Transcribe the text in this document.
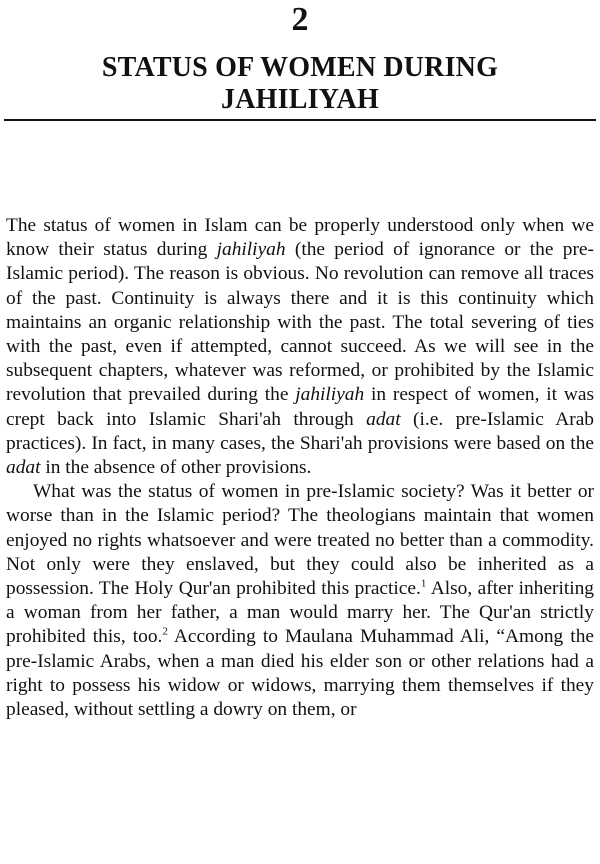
2
STATUS OF WOMEN DURING
JAHILIYAH

The status of women in Islam can be properly understood only when we know their status during jahiliyah (the period of ignorance or the pre-Islamic period). The reason is obvious. No revolution can remove all traces of the past. Continuity is always there and it is this continuity which maintains an organic relationship with the past. The total severing of ties with the past, even if attempted, cannot succeed. As we will see in the subsequent chapters, whatever was reformed, or prohibited by the Islamic revolution that prevailed during the jahiliyah in respect of women, it was crept back into Islamic Shari'ah through adat (i.e. pre-Islamic Arab practices). In fact, in many cases, the Shari'ah provisions were based on the adat in the absence of other provisions.

What was the status of women in pre-Islamic society? Was it better or worse than in the Islamic period? The theologians maintain that women enjoyed no rights whatsoever and were treated no better than a commodity. Not only were they enslaved, but they could also be inherited as a possession. The Holy Qur'an prohibited this practice.$^1$ Also, after inheriting a woman from her father, a man would marry her. The Qur'an strictly prohibited this, too.$^2$ According to Maulana Muhammad Ali, “Among the pre-Islamic Arabs, when a man died his elder son or other relations had a right to possess his widow or widows, marrying them themselves if they pleased, without settling a dowry on them, or
